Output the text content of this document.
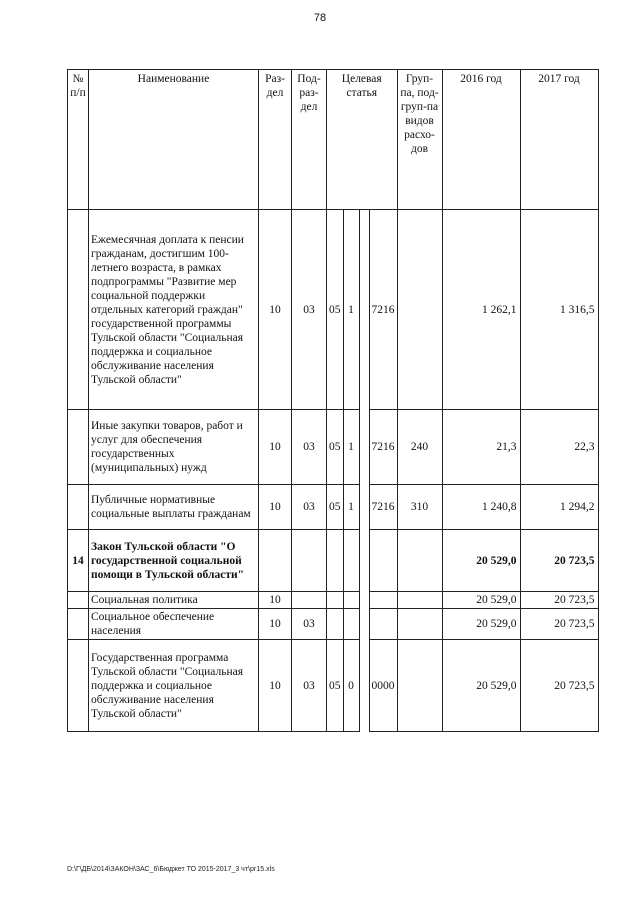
78
№ п/п	Наименование	Раз-дел	Под-раз-дел	Целевая статья				Груп-па, под-груп-па видов расхо-дов	2016 год	2017 год
	Ежемесячная доплата к пенсии гражданам, достигшим 100-летнего возраста, в рамках подпрограммы "Развитие мер социальной поддержки отдельных категорий граждан" государственной программы Тульской области "Социальная поддержка и социальное обслуживание населения Тульской области"	10	03	05	1		7216		1 262,1	1 316,5
	Иные закупки товаров, работ и услуг для обеспечения государственных (муниципальных) нужд	10	03	05	1		7216	240	21,3	22,3
	Публичные нормативные социальные выплаты гражданам	10	03	05	1		7216	310	1 240,8	1 294,2
14	Закон Тульской области "О государственной социальной помощи в Тульской области"								20 529,0	20 723,5
	Социальная политика	10							20 529,0	20 723,5
	Социальное обеспечение населения	10	03						20 529,0	20 723,5
	Государственная программа Тульской области "Социальная поддержка и социальное обслуживание населения Тульской области"	10	03	05	0		0000		20 529,0	20 723,5
D:\Г\ДБ\2014\ЗАКОН\ЗАС_6\Бюджет ТО 2015-2017_3 чт\рг15.xls
